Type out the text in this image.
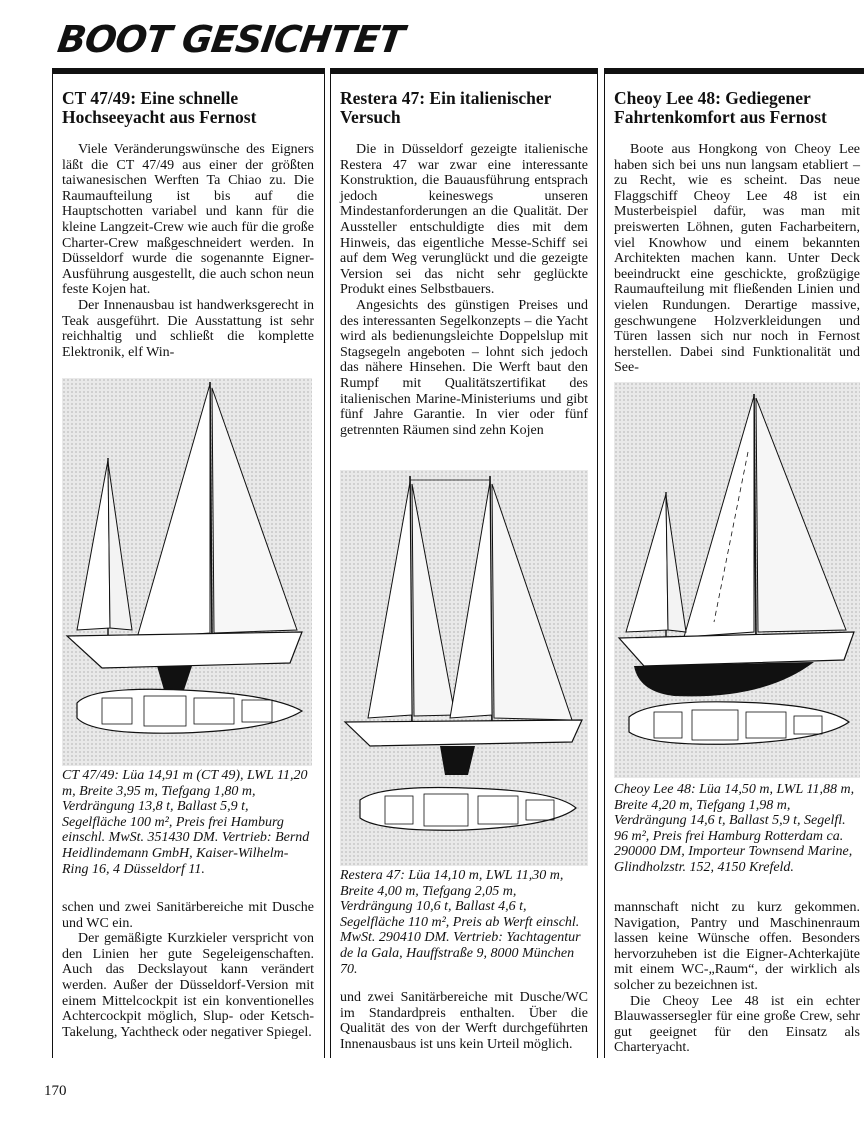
BOOT GESICHTET
CT 47/49: Eine schnelle Hochseeyacht aus Fernost

Viele Veränderungswünsche des Eigners läßt die CT 47/49 aus einer der größten taiwanesischen Werften Ta Chiao zu. Die Raumaufteilung ist bis auf die Hauptschotten variabel und kann für die kleine Langzeit-Crew wie auch für die große Charter-Crew maßgeschneidert werden. In Düsseldorf wurde die sogenannte Eigner-Ausführung ausgestellt, die auch schon neun feste Kojen hat.

Der Innenausbau ist handwerksgerecht in Teak ausgeführt. Die Ausstattung ist sehr reichhaltig und schließt die komplette Elektronik, elf Win-

CT 47/49: Lüa 14,91 m (CT 49), LWL 11,20 m, Breite 3,95 m, Tiefgang 1,80 m, Verdrängung 13,8 t, Ballast 5,9 t, Segelfläche 100 m², Preis frei Hamburg einschl. MwSt. 351430 DM. Vertrieb: Bernd Heidlindemann GmbH, Kaiser-Wilhelm-Ring 16, 4 Düsseldorf 11.

schen und zwei Sanitärbereiche mit Dusche und WC ein.

Der gemäßigte Kurzkieler verspricht von den Linien her gute Segeleigenschaften. Auch das Deckslayout kann verändert werden. Außer der Düsseldorf-Version mit einem Mittelcockpit ist ein konventionelles Achtercockpit möglich, Slup- oder Ketsch-Takelung, Yachtheck oder negativer Spiegel.

Restera 47: Ein italienischer Versuch

Die in Düsseldorf gezeigte italienische Restera 47 war zwar eine interessante Konstruktion, die Bauausführung entsprach jedoch keineswegs unseren Mindestanforderungen an die Qualität. Der Aussteller entschuldigte dies mit dem Hinweis, das eigentliche Messe-Schiff sei auf dem Weg verunglückt und die gezeigte Version sei das nicht sehr geglückte Produkt eines Selbstbauers.

Angesichts des günstigen Preises und des interessanten Segelkonzepts – die Yacht wird als bedienungsleichte Doppelslup mit Stagsegeln angeboten – lohnt sich jedoch das nähere Hinsehen. Die Werft baut den Rumpf mit Qualitätszertifikat des italienischen Marine-Ministeriums und gibt fünf Jahre Garantie. In vier oder fünf getrennten Räumen sind zehn Kojen

Restera 47: Lüa 14,10 m, LWL 11,30 m, Breite 4,00 m, Tiefgang 2,05 m, Verdrängung 10,6 t, Ballast 4,6 t, Segelfläche 110 m², Preis ab Werft einschl. MwSt. 290410 DM. Vertrieb: Yachtagentur de la Gala, Hauffstraße 9, 8000 München 70.

und zwei Sanitärbereiche mit Dusche/WC im Standardpreis enthalten. Über die Qualität des von der Werft durchgeführten Innenausbaus ist uns kein Urteil möglich.

Cheoy Lee 48: Gediegener Fahrtenkomfort aus Fernost

Boote aus Hongkong von Cheoy Lee haben sich bei uns nun langsam etabliert – zu Recht, wie es scheint. Das neue Flaggschiff Cheoy Lee 48 ist ein Musterbeispiel dafür, was man mit preiswerten Löhnen, guten Facharbeitern, viel Knowhow und einem bekannten Architekten machen kann. Unter Deck beeindruckt eine geschickte, großzügige Raumaufteilung mit fließenden Linien und vielen Rundungen. Derartige massive, geschwungene Holzverkleidungen und Türen lassen sich nur noch in Fernost herstellen. Dabei sind Funktionalität und See-

Cheoy Lee 48: Lüa 14,50 m, LWL 11,88 m, Breite 4,20 m, Tiefgang 1,98 m, Verdrängung 14,6 t, Ballast 5,9 t, Segelfl. 96 m², Preis frei Hamburg Rotterdam ca. 290000 DM, Importeur Townsend Marine, Glindholzstr. 152, 4150 Krefeld.

mannschaft nicht zu kurz gekommen. Navigation, Pantry und Maschinenraum lassen keine Wünsche offen. Besonders hervorzuheben ist die Eigner-Achterkajüte mit einem WC-„Raum“, der wirklich als solcher zu bezeichnen ist.

Die Cheoy Lee 48 ist ein echter Blauwassersegler für eine große Crew, sehr gut geeignet für den Einsatz als Charteryacht.

170
